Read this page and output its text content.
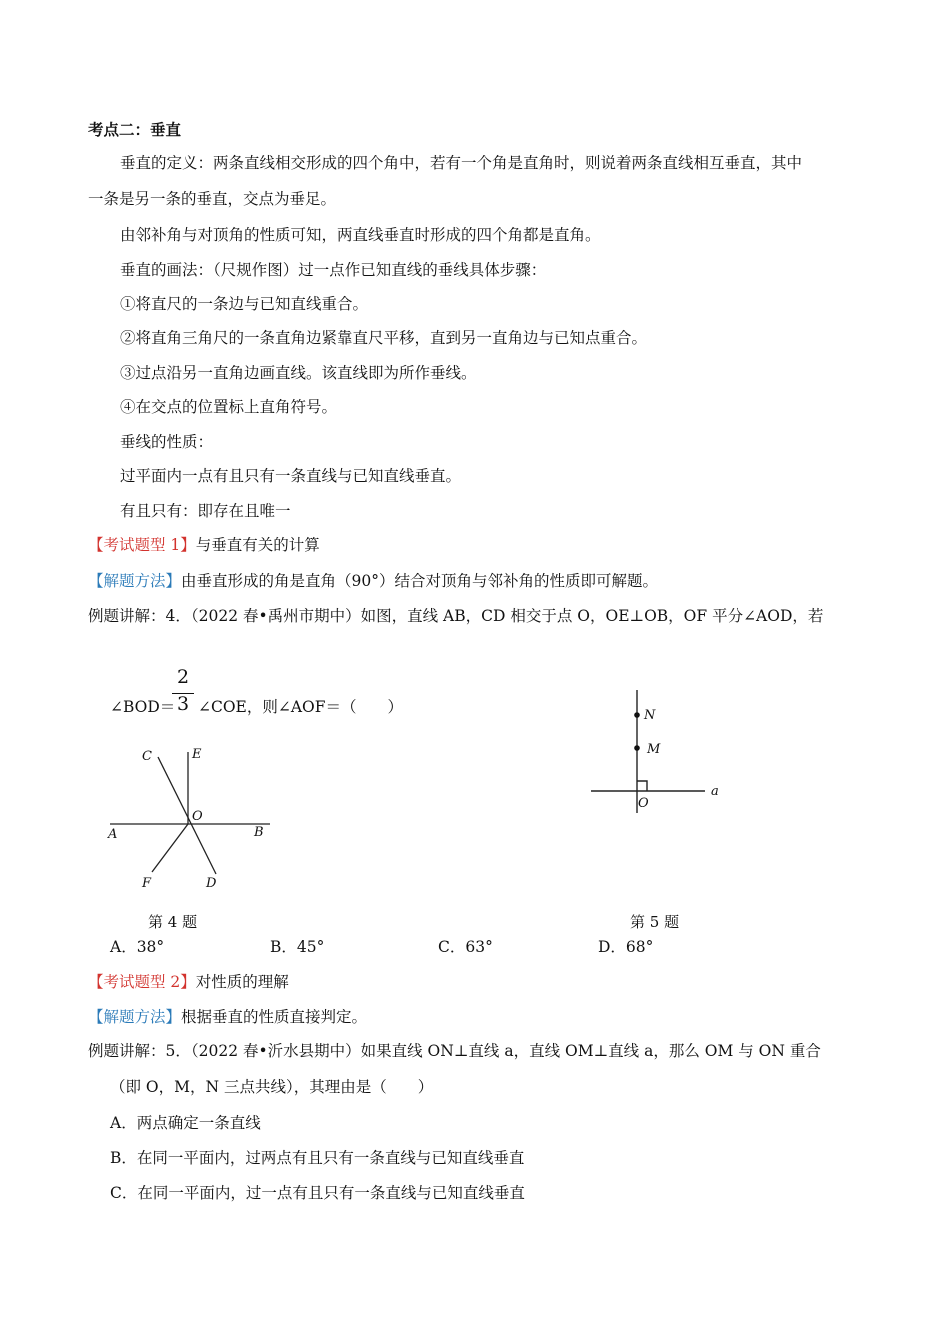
考点二：垂直
垂直的定义：两条直线相交形成的四个角中，若有一个角是直角时，则说着两条直线相互垂直，其中
一条是另一条的垂直，交点为垂足。
由邻补角与对顶角的性质可知，两直线垂直时形成的四个角都是直角。
垂直的画法：（尺规作图）过一点作已知直线的垂线具体步骤：
①将直尺的一条边与已知直线重合。
②将直角三角尺的一条直角边紧靠直尺平移，直到另一直角边与已知点重合。
③过点沿另一直角边画直线。该直线即为所作垂线。
④在交点的位置标上直角符号。
垂线的性质：
过平面内一点有且只有一条直线与已知直线垂直。
有且只有：即存在且唯一
【考试题型 1】与垂直有关的计算
【解题方法】由垂直形成的角是直角（90°）结合对顶角与邻补角的性质即可解题。
例题讲解：4．（2022 春•禹州市期中）如图，直线 AB，CD 相交于点 O，OE⊥OB，OF 平分∠AOD，若
∠BOD＝
2
3 ∠COE，则∠AOF＝（　　）
C	E
O
A	B
F	D
N
M
O
a
第 4 题	第 5 题
A．38°	B．45°	C．63°	D．68°
【考试题型 2】对性质的理解
【解题方法】根据垂直的性质直接判定。
例题讲解：5．（2022 春•沂水县期中）如果直线 ON⊥直线 a，直线 OM⊥直线 a，那么 OM 与 ON 重合
（即 O，M，N 三点共线），其理由是（　　）
A．两点确定一条直线
B．在同一平面内，过两点有且只有一条直线与已知直线垂直
C．在同一平面内，过一点有且只有一条直线与已知直线垂直
